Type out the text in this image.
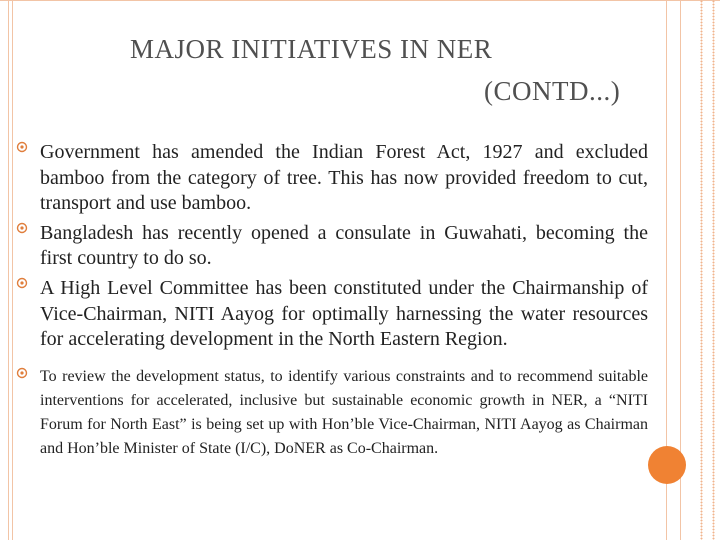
MAJOR INITIATIVES IN NER
(CONTD...)
Government has amended the Indian Forest Act, 1927 and excluded bamboo from the category of tree. This has now provided freedom to cut, transport and use bamboo.
Bangladesh has recently opened a consulate in Guwahati, becoming the first country to do so.
A High Level Committee has been constituted under the Chairmanship of Vice-Chairman, NITI Aayog for optimally harnessing the water resources for accelerating development in the North Eastern Region.
To review the development status, to identify various constraints and to recommend suitable interventions for accelerated, inclusive but sustainable economic growth in NER, a “NITI Forum for North East” is being set up with Hon’ble Vice-Chairman, NITI Aayog as Chairman and Hon’ble Minister of State (I/C), DoNER as Co-Chairman.
